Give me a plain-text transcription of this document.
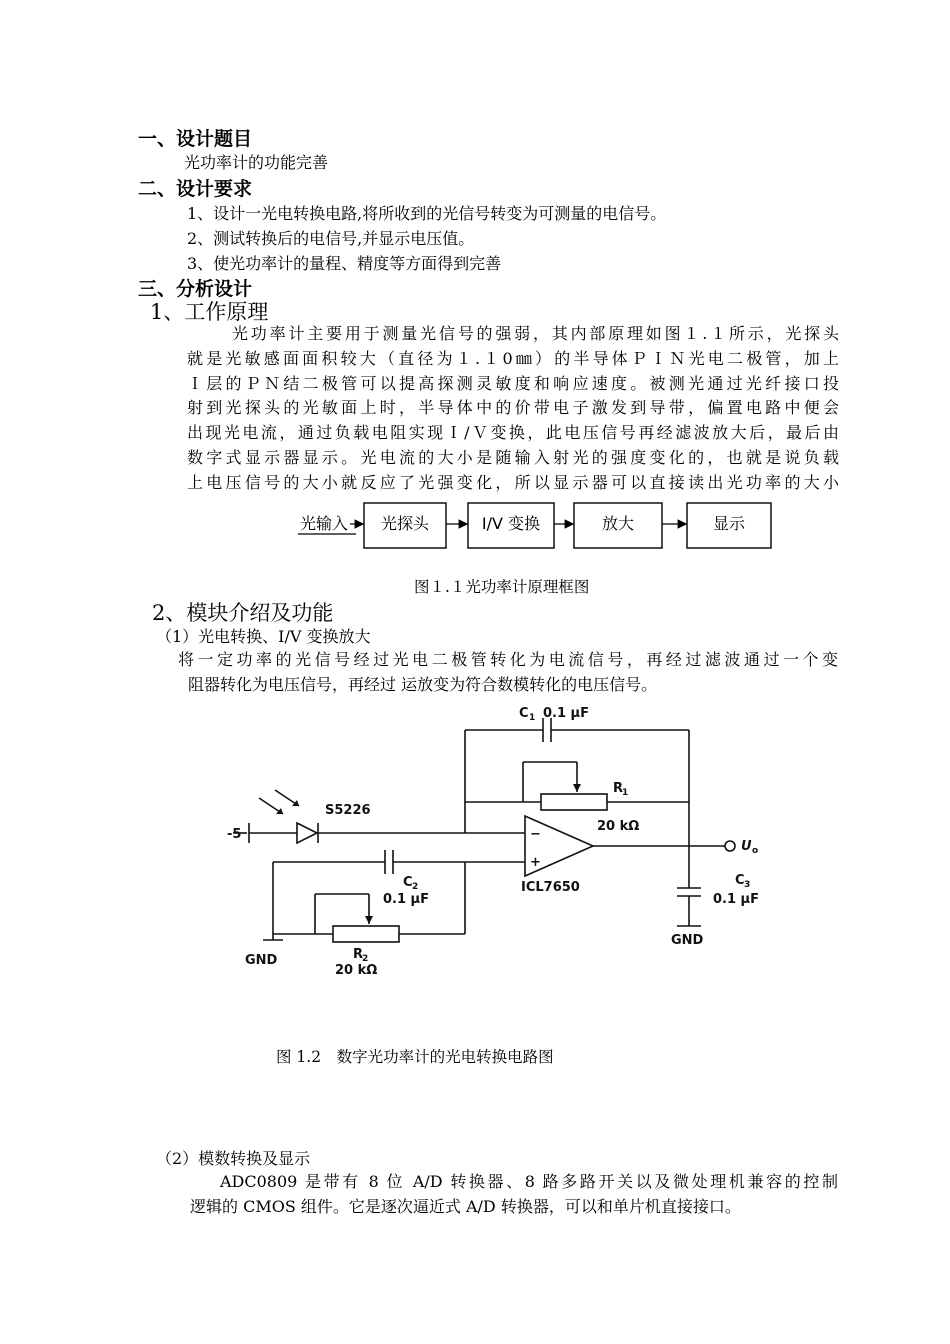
一、设计题目
光功率计的功能完善
二、设计要求
1、设计一光电转换电路,将所收到的光信号转变为可测量的电信号。
2、测试转换后的电信号,并显示电压值。
3、使光功率计的量程、精度等方面得到完善
三、分析设计
1、工作原理
光功率计主要用于测量光信号的强弱，其内部原理如图１.１所示，光探头
就是光敏感面面积较大（直径为１.１0㎜）的半导体ＰＩＮ光电二极管，加上
Ｉ层的ＰＮ结二极管可以提高探测灵敏度和响应速度。被测光通过光纤接口投
射到光探头的光敏面上时，半导体中的价带电子激发到导带，偏置电路中便会
出现光电流，通过负载电阻实现Ｉ/Ｖ变换，此电压信号再经滤波放大后，最后由
数字式显示器显示。光电流的大小是随输入射光的强度变化的，也就是说负载
上电压信号的大小就反应了光强变化，所以显示器可以直接读出光功率的大小
光输入 光探头	I/V 变换	放大	显示
图１.１光功率计原理框图
2、模块介绍及功能
（1）光电转换、I/V 变换放大
将一定功率的光信号经过光电二极管转化为电流信号，再经过滤波通过一个变
阻器转化为电压信号，再经过 运放变为符合数模转化的电压信号。
C 1 0.1 μF
R
1
20 kΩ
S5226
-5
C 2
0.1 μF
R
2
20 kΩ
C 3
0.1 μF
ICL7650
U o
GND
GND
−
+
图 1.2　数字光功率计的光电转换电路图
（2）模数转换及显示
ADC0809 是带有 8 位 A/D 转换器、8 路多路开关以及微处理机兼容的控制
逻辑的 CMOS 组件。它是逐次逼近式 A/D 转换器，可以和单片机直接接口。
